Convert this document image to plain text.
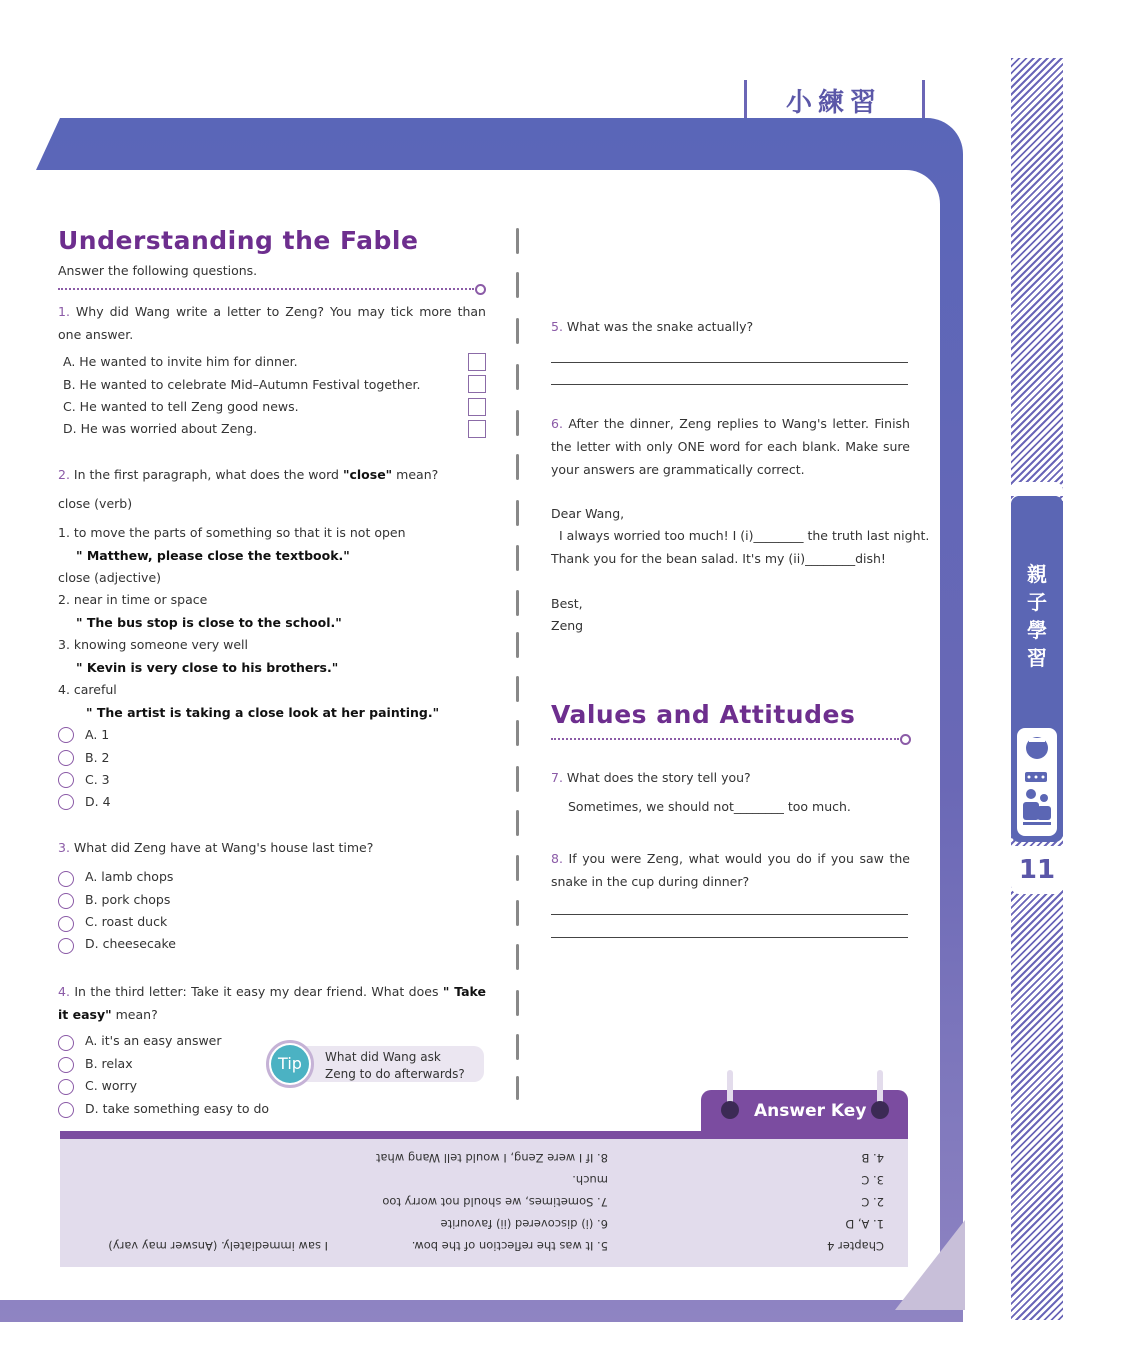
小練習
親
子
學
習
11
Understanding the Fable
Answer the following questions.
1. Why did Wang write a letter to Zeng? You may tick more than one answer.
A. He wanted to invite him for dinner.
B. He wanted to celebrate Mid–Autumn Festival together.
C. He wanted to tell Zeng good news.
D. He was worried about Zeng.
2. In the first paragraph, what does the word "close" mean?
close (verb)
1. to move the parts of something so that it is not open
" Matthew, please close the textbook."
close (adjective)
2. near in time or space
" The bus stop is close to the school."
3. knowing someone very well
" Kevin is very close to his brothers."
4. careful
" The artist is taking a close look at her painting."
A. 1
B. 2
C. 3
D. 4
3. What did Zeng have at Wang's house last time?
A. lamb chops
B. pork chops
C. roast duck
D. cheesecake
4. In the third letter: Take it easy my dear friend. What does " Take it easy" mean?
A. it's an easy answer
B. relax
C. worry
D. take something easy to do
Tip	What did Wang ask
Zeng to do afterwards?
5. What was the snake actually?
6. After the dinner, Zeng replies to Wang's letter. Finish the letter with only ONE word for each blank. Make sure your answers are grammatically correct.
Dear Wang,
I always worried too much! I (i)________ the truth last night.
Thank you for the bean salad. It's my (ii)________dish!
Best,
Zeng
Values and Attitudes
7. What does the story tell you?
Sometimes, we should not________ too much.
8. If you were Zeng, what would you do if you saw the snake in the cup during dinner?
Answer Key
Chapter 4
1. A, D
2. C
3. C
4. B
5. It was the reflection of the bow.
6. (i) discovered (ii) favourite
7. Sometimes, we should not worry too
much.
8. If I were Zeng, I would tell Wang what
I saw immediately. (Answer may vary)
